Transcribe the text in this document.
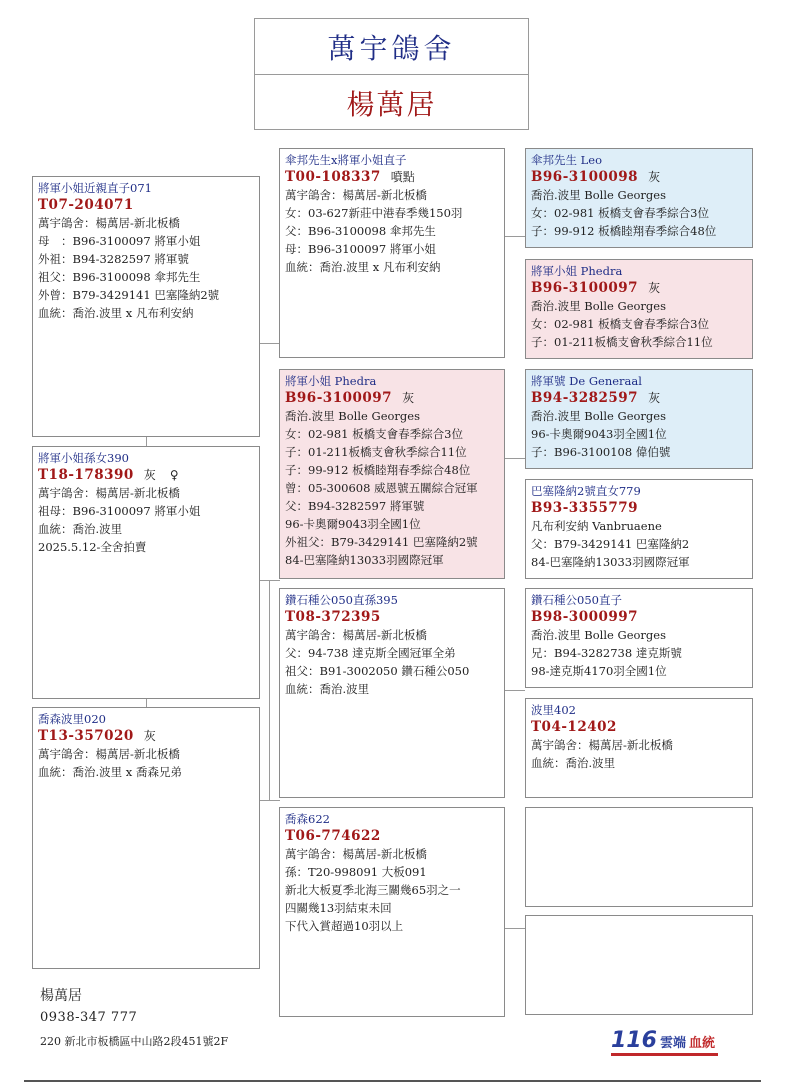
萬宇鴿舍
楊萬居
將軍小姐近親直子071
T07-204071
萬宇鴿舍：楊萬居-新北板橋
母　：B96-3100097 將軍小姐
外祖：B94-3282597 將軍號
祖父：B96-3100098 傘邦先生
外曾：B79-3429141 巴塞隆納2號
血統：喬治.波里 x 凡布利安納
將軍小姐孫女390
T18-178390 灰 ♀
萬宇鴿舍：楊萬居-新北板橋
祖母：B96-3100097 將軍小姐
血統：喬治.波里
2025.5.12-全舍拍賣
喬森波里020
T13-357020 灰
萬宇鴿舍：楊萬居-新北板橋
血統：喬治.波里 x 喬森兄弟
傘邦先生x將軍小姐直子
T00-108337 噴點
萬宇鴿舍：楊萬居-新北板橋
女：03-627新莊中港春季幾150羽
父：B96-3100098 傘邦先生
母：B96-3100097 將軍小姐
血統：喬治.波里 x 凡布利安納
將軍小姐 Phedra
B96-3100097 灰
喬治.波里 Bolle Georges
女：02-981 板橋支會春季綜合3位
子：01-211板橋支會秋季綜合11位
子：99-912 板橋睦翔春季綜合48位
曾：05-300608 威恩號五關綜合冠軍
父：B94-3282597 將軍號
96-卡奧爾9043羽全國1位
外祖父：B79-3429141 巴塞隆納2號
84-巴塞隆納13033羽國際冠軍
鑽石種公050直孫395
T08-372395
萬宇鴿舍：楊萬居-新北板橋
父：94-738 達克斯全國冠軍全弟
祖父：B91-3002050 鑽石種公050
血統：喬治.波里
喬森622
T06-774622
萬宇鴿舍：楊萬居-新北板橋
孫：T20-998091 大板091
新北大板夏季北海三關幾65羽之一
四關幾13羽結束未回
下代入賞超過10羽以上
傘邦先生 Leo
B96-3100098 灰
喬治.波里 Bolle Georges
女：02-981 板橋支會春季綜合3位
子：99-912 板橋睦翔春季綜合48位
將軍小姐 Phedra
B96-3100097 灰
喬治.波里 Bolle Georges
女：02-981 板橋支會春季綜合3位
子：01-211板橋支會秋季綜合11位
將軍號 De Generaal
B94-3282597 灰
喬治.波里 Bolle Georges
96-卡奧爾9043羽全國1位
子：B96-3100108 偉伯號
巴塞隆納2號直女779
B93-3355779
凡布利安納 Vanbruaene
父：B79-3429141 巴塞隆納2
84-巴塞隆納13033羽國際冠軍
鑽石種公050直子
B98-3000997
喬治.波里 Bolle Georges
兄：B94-3282738 達克斯號
98-達克斯4170羽全國1位
波里402
T04-12402
萬宇鴿舍：楊萬居-新北板橋
血統：喬治.波里
楊萬居
0938-347 777
220 新北市板橋區中山路2段451號2F	116 雲端 血統
